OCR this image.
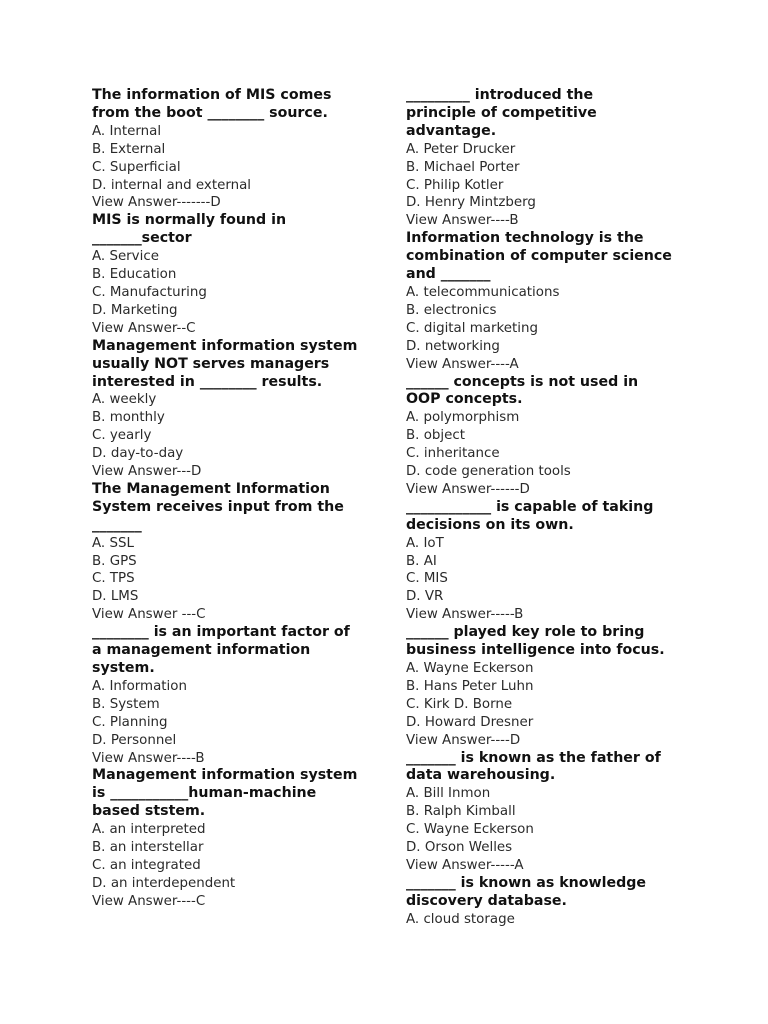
The information of MIS comes
from the boot ________ source.
A. Internal
B. External
C. Superficial
D. internal and external
View Answer-------D
MIS is normally found in
_______sector
A. Service
B. Education
C. Manufacturing
D. Marketing
View Answer--C
Management information system
usually NOT serves managers
interested in ________ results.
A. weekly
B. monthly
C. yearly
D. day-to-day
View Answer---D
The Management Information
System receives input from the
_______
A. SSL
B. GPS
C. TPS
D. LMS
View Answer ---C
________ is an important factor of
a management information
system.
A. Information
B. System
C. Planning
D. Personnel
View Answer----B
Management information system
is ___________human-machine
based ststem.
A. an interpreted
B. an interstellar
C. an integrated
D. an interdependent
View Answer----C
_________ introduced the
principle of competitive
advantage.
A. Peter Drucker
B. Michael Porter
C. Philip Kotler
D. Henry Mintzberg
View Answer----B
Information technology is the
combination of computer science
and _______
A. telecommunications
B. electronics
C. digital marketing
D. networking
View Answer----A
______ concepts is not used in
OOP concepts.
A. polymorphism
B. object
C. inheritance
D. code generation tools
View Answer------D
____________ is capable of taking
decisions on its own.
A. IoT
B. AI
C. MIS
D. VR
View Answer-----B
______ played key role to bring
business intelligence into focus.
A. Wayne Eckerson
B. Hans Peter Luhn
C. Kirk D. Borne
D. Howard Dresner
View Answer----D
_______ is known as the father of
data warehousing.
A. Bill Inmon
B. Ralph Kimball
C. Wayne Eckerson
D. Orson Welles
View Answer-----A
_______ is known as knowledge
discovery database.
A. cloud storage
